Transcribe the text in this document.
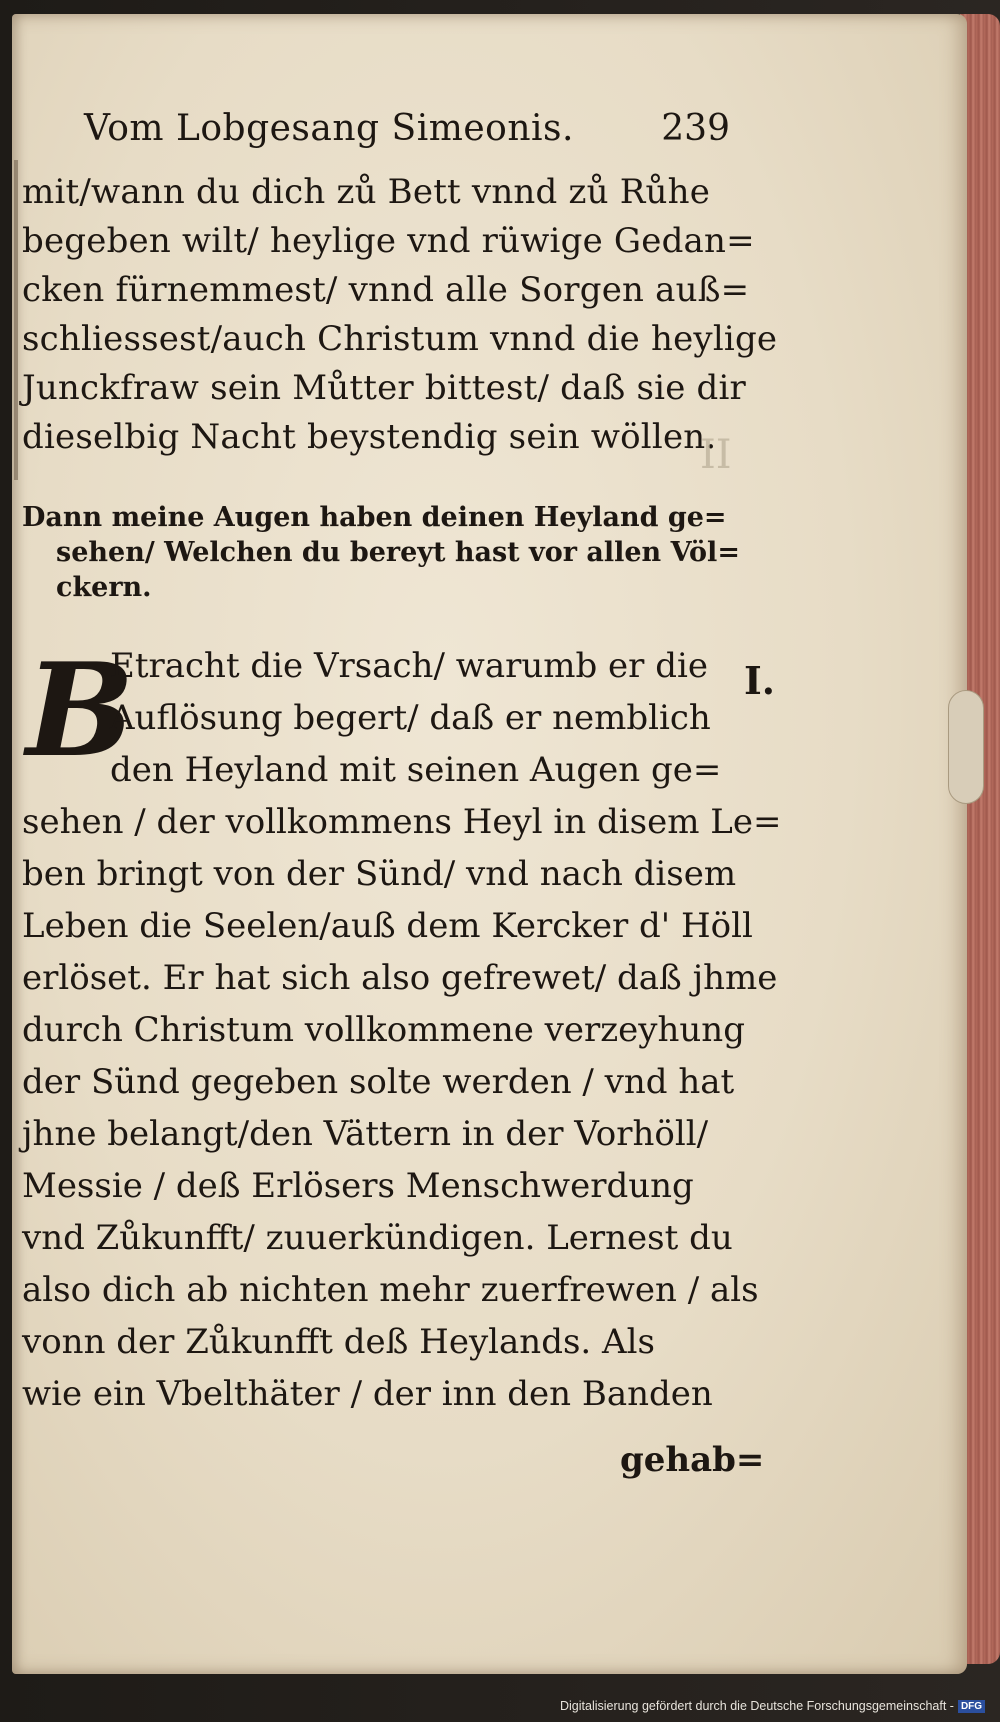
Vom Lobgesang Simeonis.	239
mit/wann du dich zů Bett vnnd zů Růhe
begeben wilt/ heylige vnd rüwige Gedan=
cken fürnemmest/ vnnd alle Sorgen auß=
schliessest/auch Christum vnnd die heylige
Junckfraw sein Můtter bittest/ daß sie dir
dieselbig Nacht beystendig sein wöllen.
II
Dann meine Augen haben deinen Heyland ge=
sehen/ Welchen du bereyt hast vor allen Völ=
ckern.
B	I.
Etracht die Vrsach/ warumb er die
Auflösung begert/ daß er nemblich
den Heyland mit seinen Augen ge=
sehen / der vollkommens Heyl in disem Le=
ben bringt von der Sünd/ vnd nach disem
Leben die Seelen/auß dem Kercker d' Höll
erlöset. Er hat sich also gefrewet/ daß jhme
durch Christum vollkommene verzeyhung
der Sünd gegeben solte werden / vnd hat
jhne belangt/den Vättern in der Vorhöll/
Messie / deß Erlösers Menschwerdung
vnd Zůkunfft/ zuuerkündigen. Lernest du
also dich ab nichten mehr zuerfrewen / als
vonn der Zůkunfft deß Heylands. Als
wie ein Vbelthäter / der inn den Banden
gehab=
Digitalisierung gefördert durch die Deutsche Forschungsgemeinschaft - DFG
